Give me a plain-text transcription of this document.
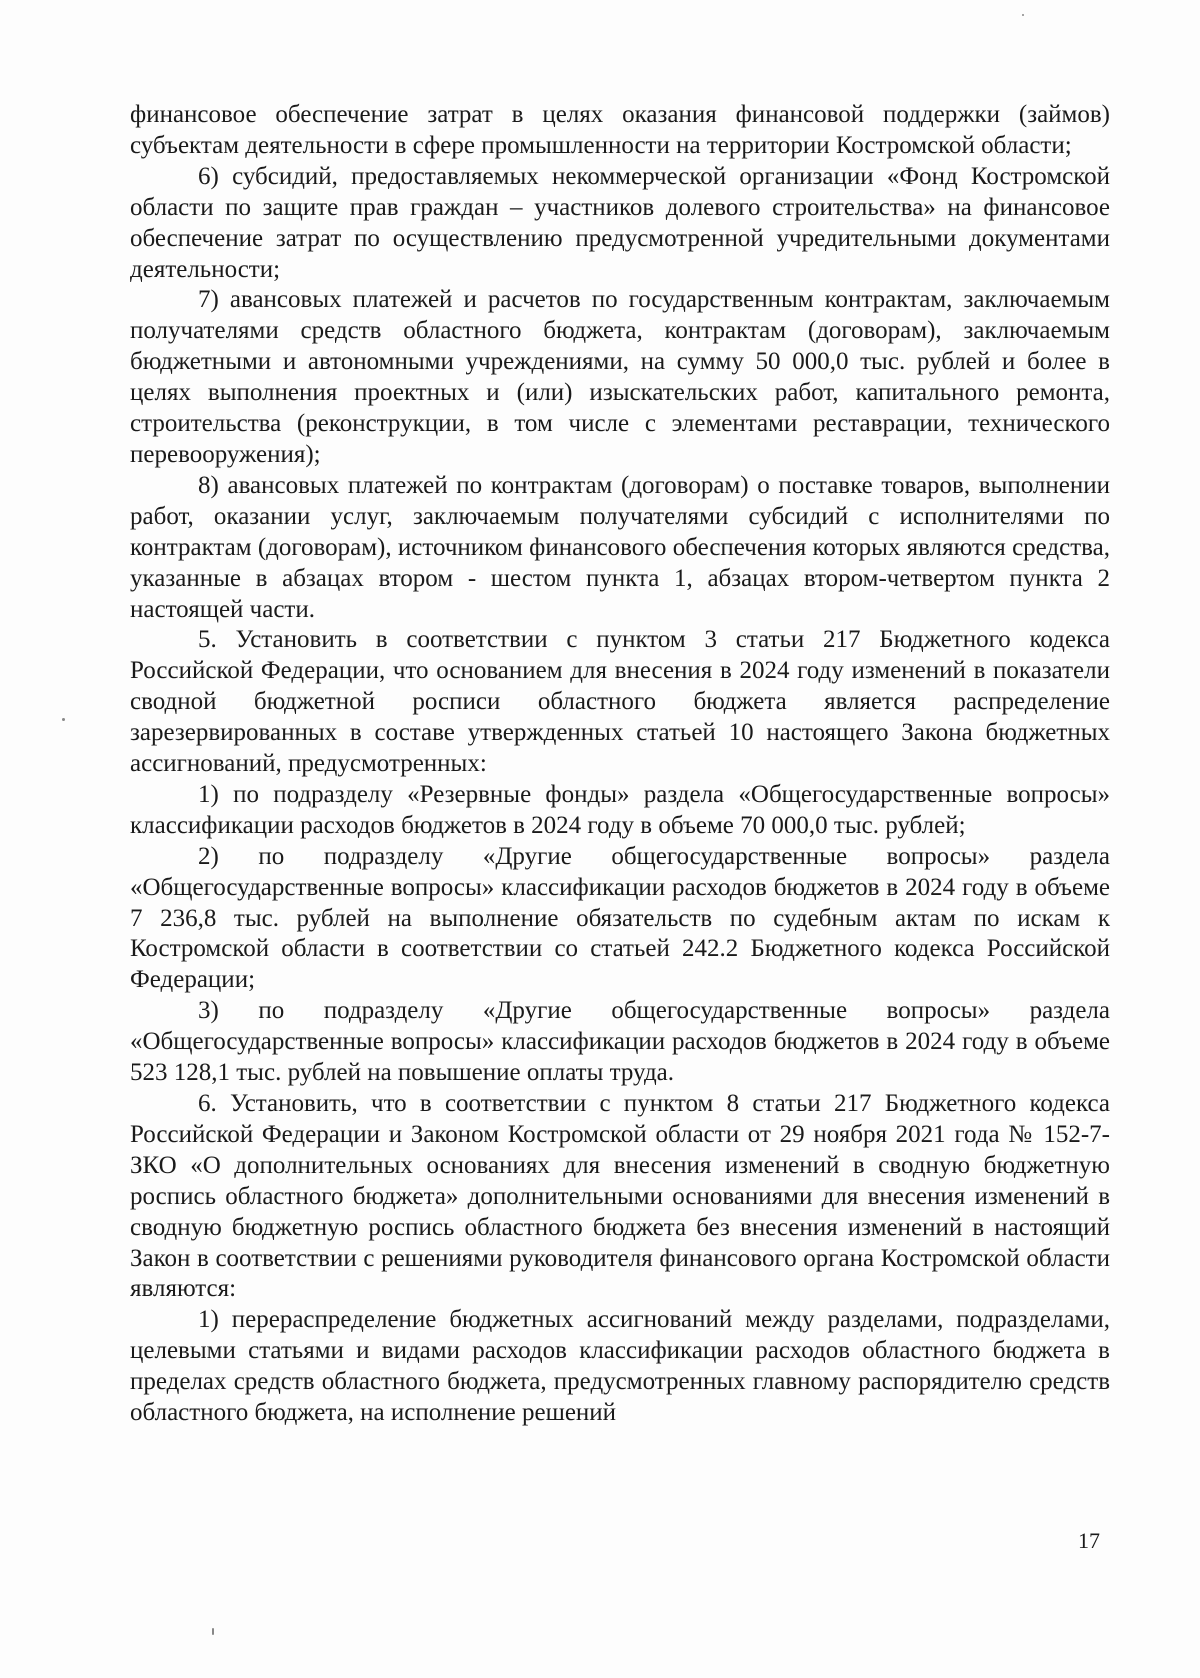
финансовое обеспечение затрат в целях оказания финансовой поддержки (займов) субъектам деятельности в сфере промышленности на территории Костромской области;

6) субсидий, предоставляемых некоммерческой организации «Фонд Костромской области по защите прав граждан – участников долевого строительства» на финансовое обеспечение затрат по осуществлению предусмотренной учредительными документами деятельности;

7) авансовых платежей и расчетов по государственным контрактам, заключаемым получателями средств областного бюджета, контрактам (договорам), заключаемым бюджетными и автономными учреждениями, на сумму 50 000,0 тыс. рублей и более в целях выполнения проектных и (или) изыскательских работ, капитального ремонта, строительства (реконструкции, в том числе с элементами реставрации, технического перевооружения);

8) авансовых платежей по контрактам (договорам) о поставке товаров, выполнении работ, оказании услуг, заключаемым получателями субсидий с исполнителями по контрактам (договорам), источником финансового обеспечения которых являются средства, указанные в абзацах втором - шестом пункта 1, абзацах втором-четвертом пункта 2 настоящей части.

5. Установить в соответствии с пунктом 3 статьи 217 Бюджетного кодекса Российской Федерации, что основанием для внесения в 2024 году изменений в показатели сводной бюджетной росписи областного бюджета является распределение зарезервированных в составе утвержденных статьей 10 настоящего Закона бюджетных ассигнований, предусмотренных:

1) по подразделу «Резервные фонды» раздела «Общегосударственные вопросы» классификации расходов бюджетов в 2024 году в объеме 70 000,0 тыс. рублей;

2) по подразделу «Другие общегосударственные вопросы» раздела «Общегосударственные вопросы» классификации расходов бюджетов в 2024 году в объеме 7 236,8 тыс. рублей на выполнение обязательств по судебным актам по искам к Костромской области в соответствии со статьей 242.2 Бюджетного кодекса Российской Федерации;

3) по подразделу «Другие общегосударственные вопросы» раздела «Общегосударственные вопросы» классификации расходов бюджетов в 2024 году в объеме 523 128,1 тыс. рублей на повышение оплаты труда.

6. Установить, что в соответствии с пунктом 8 статьи 217 Бюджетного кодекса Российской Федерации и Законом Костромской области от 29 ноября 2021 года № 152-7-ЗКО «О дополнительных основаниях для внесения изменений в сводную бюджетную роспись областного бюджета» дополнительными основаниями для внесения изменений в сводную бюджетную роспись областного бюджета без внесения изменений в настоящий Закон в соответствии с решениями руководителя финансового органа Костромской области являются:

1) перераспределение бюджетных ассигнований между разделами, подразделами, целевыми статьями и видами расходов классификации расходов областного бюджета в пределах средств областного бюджета, предусмотренных главному распорядителю средств областного бюджета, на исполнение решений

17
